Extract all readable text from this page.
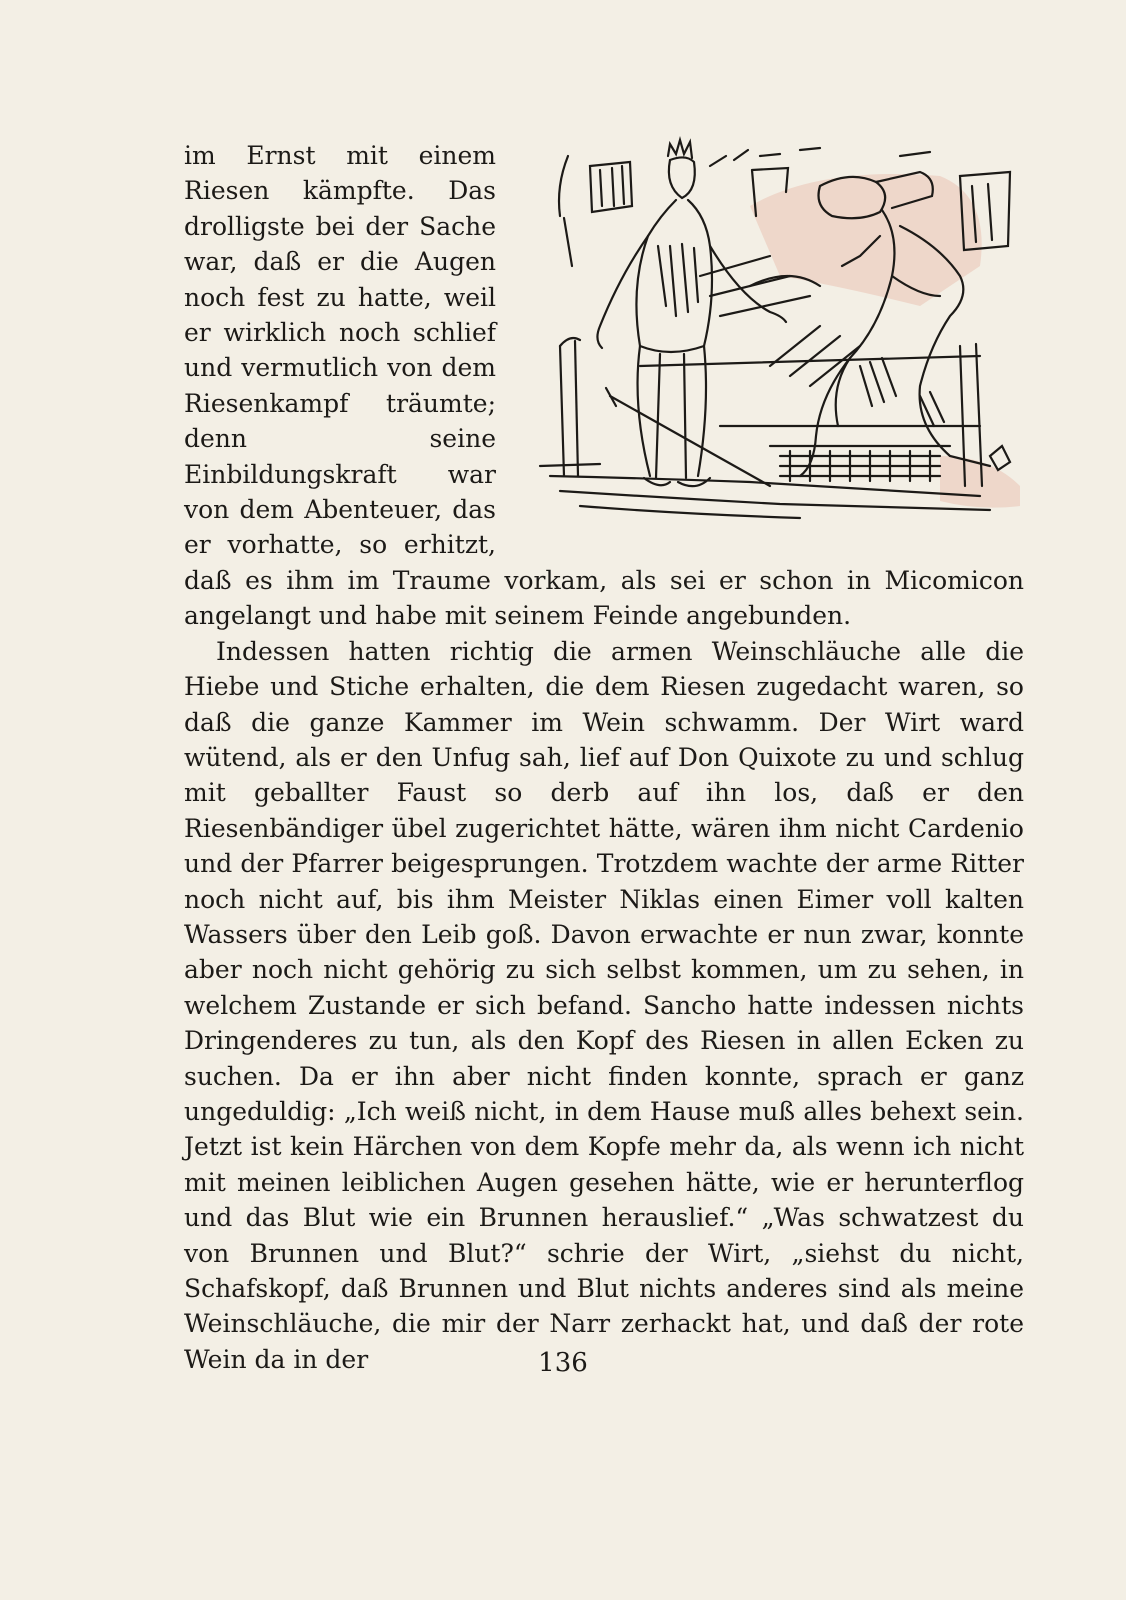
im Ernst mit einem Riesen kämpfte. Das drolligste bei der Sache war, daß er die Augen noch fest zu hatte, weil er wirklich noch schlief und vermutlich von dem Riesenkampf träumte; denn seine Einbildungskraft war von dem Abenteuer, das er vorhatte, so erhitzt, daß es ihm im Traume vorkam, als sei er schon in Micomicon angelangt und habe mit seinem Feinde angebunden.

Indessen hatten richtig die armen Weinschläuche alle die Hiebe und Stiche erhalten, die dem Riesen zugedacht waren, so daß die ganze Kammer im Wein schwamm. Der Wirt ward wütend, als er den Unfug sah, lief auf Don Quixote zu und schlug mit geballter Faust so derb auf ihn los, daß er den Riesenbändiger übel zugerichtet hätte, wären ihm nicht Cardenio und der Pfarrer beigesprungen. Trotzdem wachte der arme Ritter noch nicht auf, bis ihm Meister Niklas einen Eimer voll kalten Wassers über den Leib goß. Davon erwachte er nun zwar, konnte aber noch nicht gehörig zu sich selbst kommen, um zu sehen, in welchem Zustande er sich befand. Sancho hatte indessen nichts Dringenderes zu tun, als den Kopf des Riesen in allen Ecken zu suchen. Da er ihn aber nicht finden konnte, sprach er ganz ungeduldig: „Ich weiß nicht, in dem Hause muß alles behext sein. Jetzt ist kein Härchen von dem Kopfe mehr da, als wenn ich nicht mit meinen leiblichen Augen gesehen hätte, wie er herunterflog und das Blut wie ein Brunnen herauslief.“ „Was schwatzest du von Brunnen und Blut?“ schrie der Wirt, „siehst du nicht, Schafskopf, daß Brunnen und Blut nichts anderes sind als meine Weinschläuche, die mir der Narr zerhackt hat, und daß der rote Wein da in der	136
